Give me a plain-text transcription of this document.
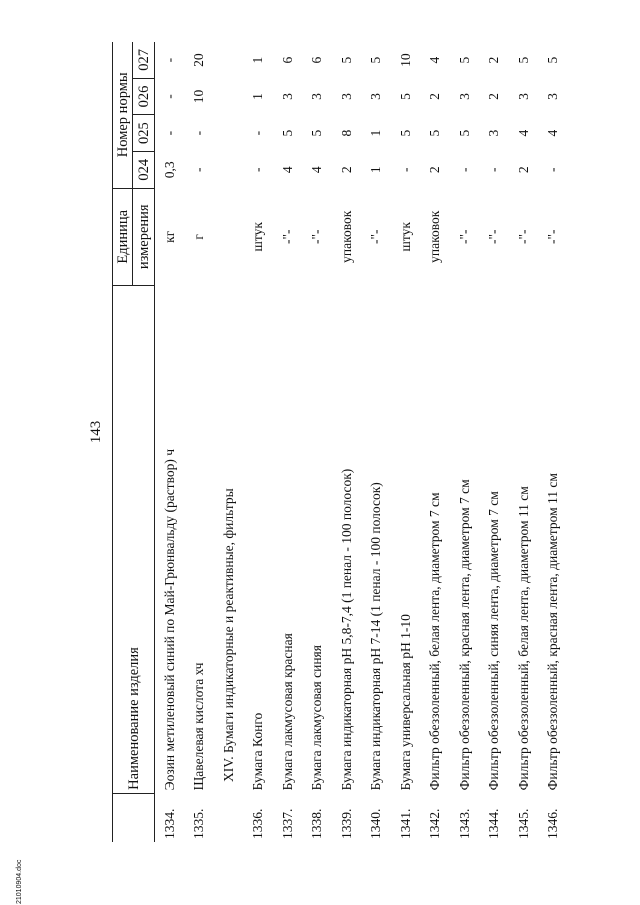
143
	Наименование изделия	Единица	Номер нормы			
		измерения	024	025	026	027
1334.	Эозин метиленовый синий по Май-Грюнвальду (раствор) ч	кг	0,3	-	-	-
1335.	Щавелевая кислота хч	г	-	-	10	20
XIV. Бумаги индикаторные и реактивные, фильтры						
1336.	Бумага Конго	штук	-	-	1	1
1337.	Бумага лакмусовая красная	-"-	4	5	3	6
1338.	Бумага лакмусовая синяя	-"-	4	5	3	6
1339.	Бумага индикаторная рН 5,8-7,4 (1 пенал - 100 полосок)	упаковок	2	8	3	5
1340.	Бумага индикаторная рН 7-14 (1 пенал - 100 полосок)	-"-	1	1	3	5
1341.	Бумага универсальная рН 1-10	штук	-	5	5	10
1342.	Фильтр обеззоленный, белая лента, диаметром 7 см	упаковок	2	5	2	4
1343.	Фильтр обеззоленный, красная лента, диаметром 7 см	-"-	-	5	3	5
1344.	Фильтр обеззоленный, синяя лента, диаметром 7 см	-"-	-	3	2	2
1345.	Фильтр обеззоленный, белая лента, диаметром 11 см	-"-	2	4	3	5
1346.	Фильтр обеззоленный, красная лента, диаметром 11 см	-"-	-	4	3	5
21010904.doc
